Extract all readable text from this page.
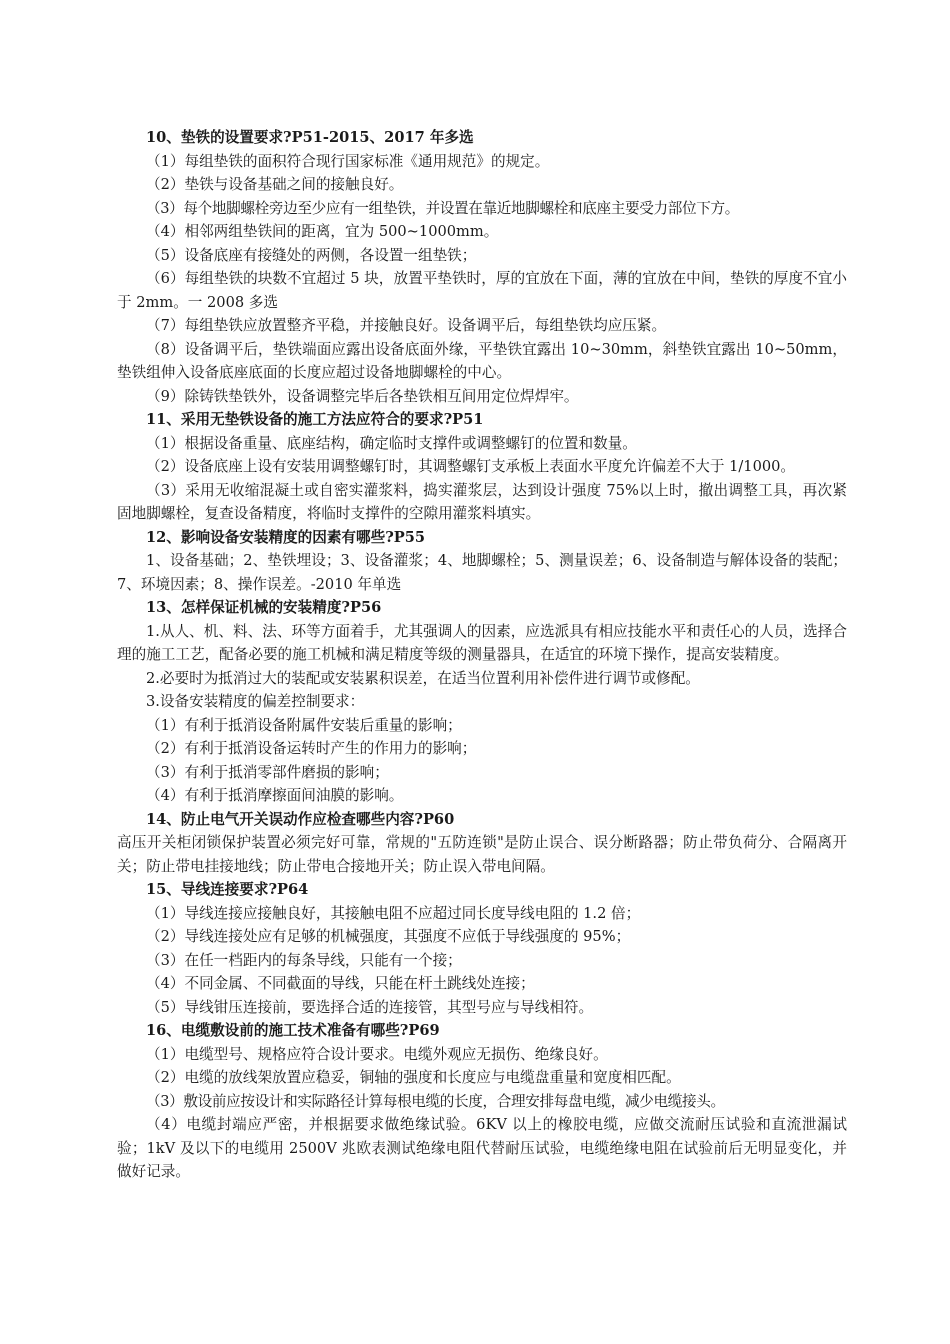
10、垫铁的设置要求?P51-2015、2017 年多选

（1）每组垫铁的面积符合现行国家标准《通用规范》的规定。

（2）垫铁与设备基础之间的接触良好。

（3）每个地脚螺栓旁边至少应有一组垫铁，并设置在靠近地脚螺栓和底座主要受力部位下方。

（4）相邻两组垫铁间的距离，宜为 500~1000mm。

（5）设备底座有接缝处的两侧，各设置一组垫铁；

（6）每组垫铁的块数不宜超过 5 块，放置平垫铁时，厚的宜放在下面，薄的宜放在中间，垫铁的厚度不宜小于 2mm。一 2008 多选

（7）每组垫铁应放置整齐平稳，并接触良好。设备调平后，每组垫铁均应压紧。

（8）设备调平后，垫铁端面应露出设备底面外缘，平垫铁宜露出 10~30mm，斜垫铁宜露出 10~50mm，垫铁组伸入设备底座底面的长度应超过设备地脚螺栓的中心。

（9）除铸铁垫铁外，设备调整完毕后各垫铁相互间用定位焊焊牢。

11、采用无垫铁设备的施工方法应符合的要求?P51

（1）根据设备重量、底座结构，确定临时支撑件或调整螺钉的位置和数量。

（2）设备底座上设有安装用调整螺钉时，其调整螺钉支承板上表面水平度允许偏差不大于 1/1000。

（3）采用无收缩混凝土或自密实灌浆料，捣实灌浆层，达到设计强度 75%以上时，撤出调整工具，再次紧固地脚螺栓，复查设备精度，将临时支撑件的空隙用灌浆料填实。

12、影响设备安装精度的因素有哪些?P55

1、设备基础；2、垫铁埋设；3、设备灌浆；4、地脚螺栓；5、测量误差；6、设备制造与解体设备的装配；7、环境因素；8、操作误差。-2010 年单选

13、怎样保证机械的安装精度?P56

1.从人、机、料、法、环等方面着手，尤其强调人的因素，应选派具有相应技能水平和责任心的人员，选择合理的施工工艺，配备必要的施工机械和满足精度等级的测量器具，在适宜的环境下操作，提高安装精度。

2.必要时为抵消过大的装配或安装累积误差，在适当位置利用补偿件进行调节或修配。

3.设备安装精度的偏差控制要求：

（1）有利于抵消设备附属件安装后重量的影响；

（2）有利于抵消设备运转时产生的作用力的影响；

（3）有利于抵消零部件磨损的影响；

（4）有利于抵消摩擦面间油膜的影响。

14、防止电气开关误动作应检查哪些内容?P60

高压开关柜闭锁保护装置必须完好可靠，常规的"五防连锁"是防止误合、误分断路器；防止带负荷分、合隔离开关；防止带电挂接地线；防止带电合接地开关；防止误入带电间隔。

15、导线连接要求?P64

（1）导线连接应接触良好，其接触电阻不应超过同长度导线电阻的 1.2 倍；

（2）导线连接处应有足够的机械强度，其强度不应低于导线强度的 95%；

（3）在任一档距内的每条导线，只能有一个接；

（4）不同金属、不同截面的导线，只能在杆土跳线处连接；

（5）导线钳压连接前，要选择合适的连接管，其型号应与导线相符。

16、电缆敷设前的施工技术准备有哪些?P69

（1）电缆型号、规格应符合设计要求。电缆外观应无损伤、绝缘良好。

（2）电缆的放线架放置应稳妥，铜轴的强度和长度应与电缆盘重量和宽度相匹配。

（3）敷设前应按设计和实际路径计算每根电缆的长度，合理安排每盘电缆，减少电缆接头。

（4）电缆封端应严密，并根据要求做绝缘试验。6KV 以上的橡胶电缆，应做交流耐压试验和直流泄漏试验；1kV 及以下的电缆用 2500V 兆欧表测试绝缘电阻代替耐压试验，电缆绝缘电阻在试验前后无明显变化，并做好记录。
